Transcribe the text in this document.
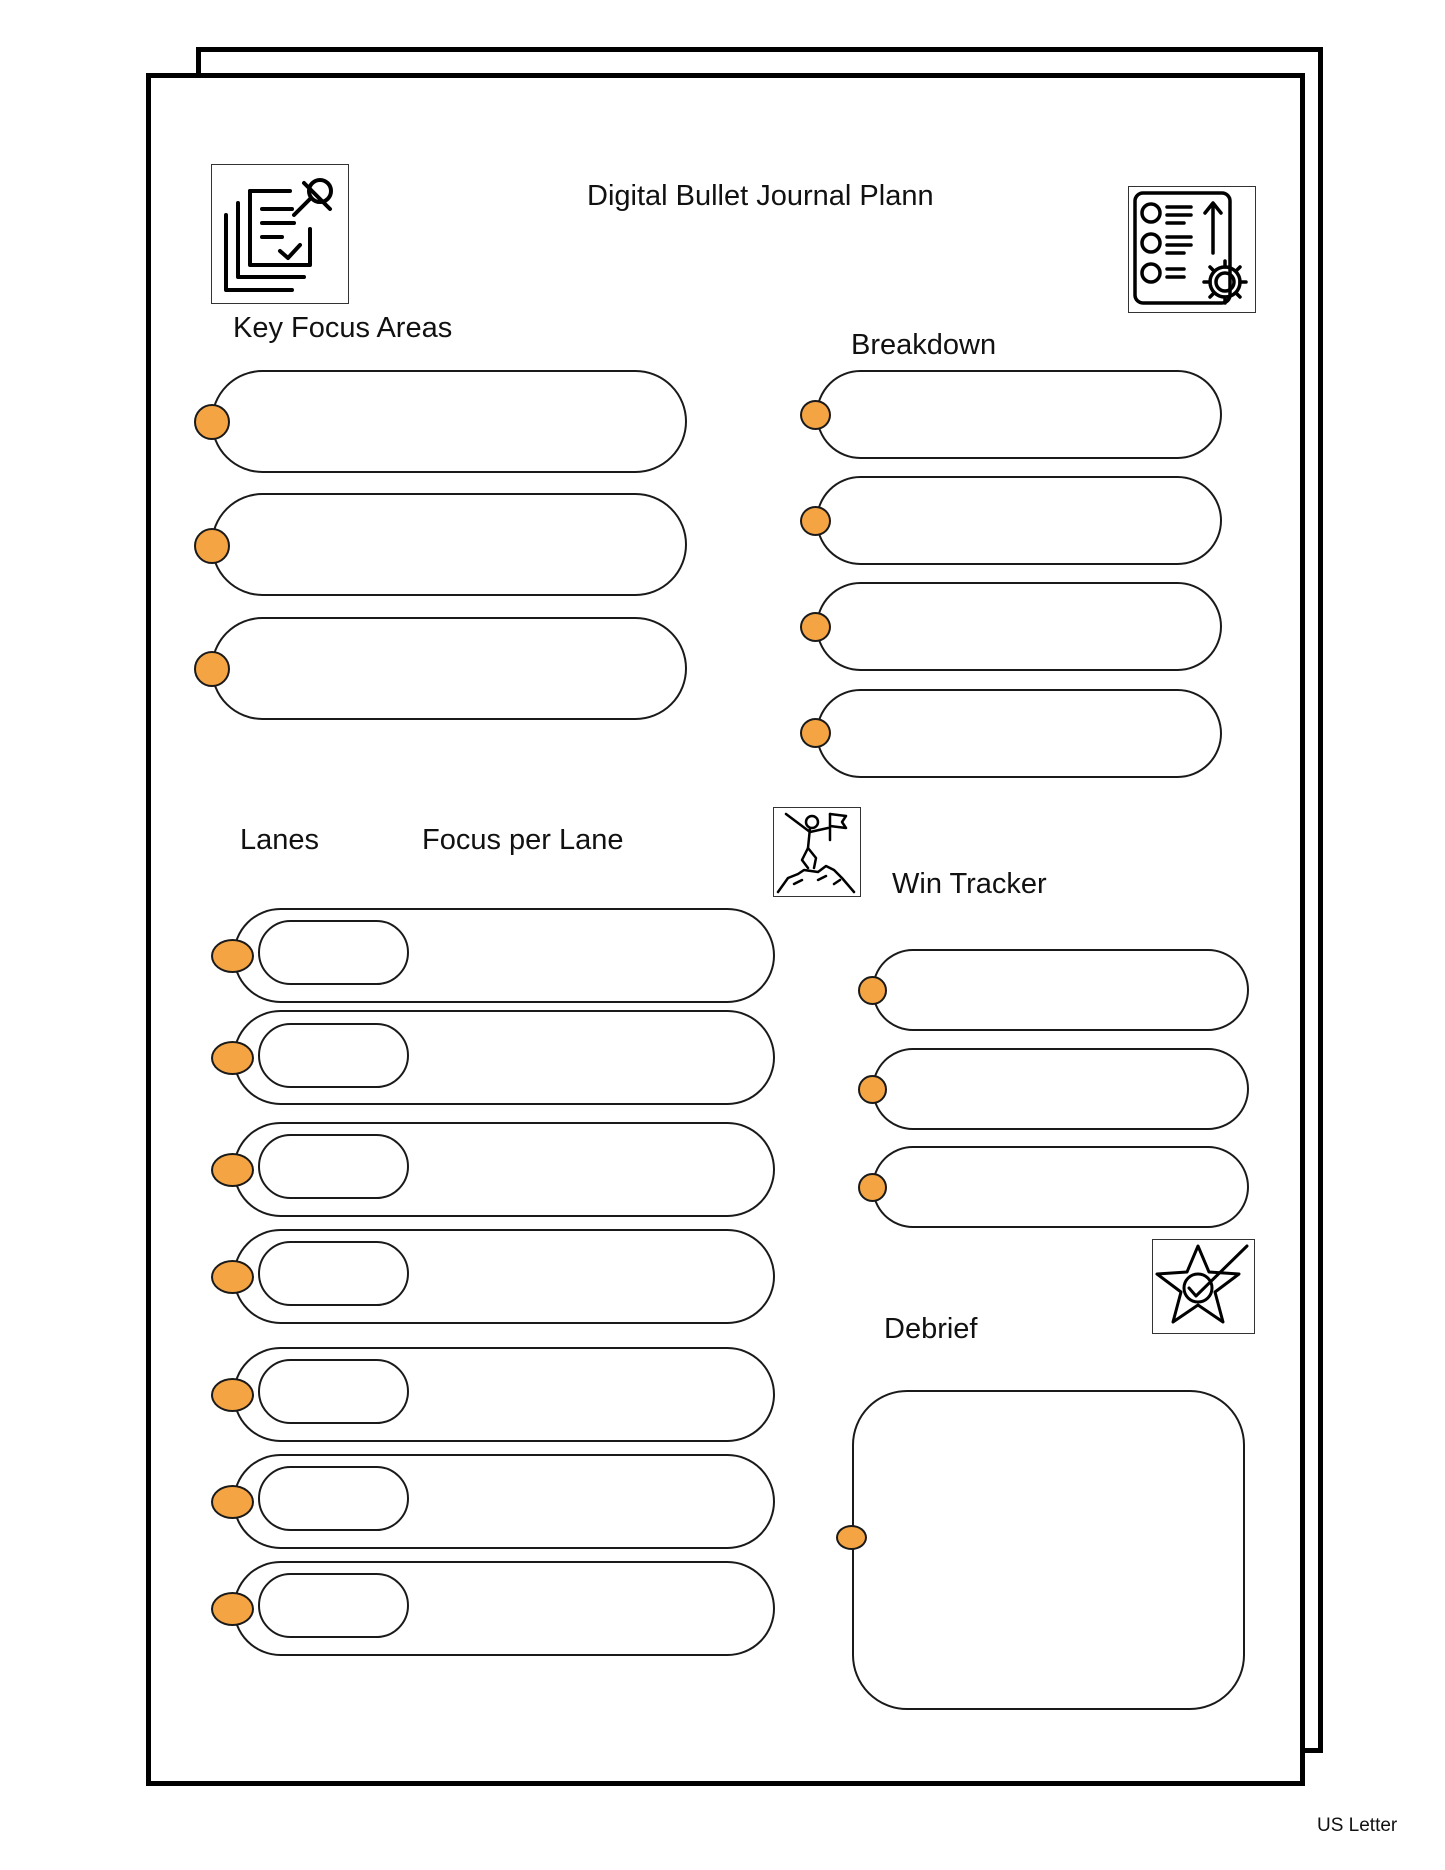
Digital Bullet Journal Plann
Key Focus Areas
Breakdown
Lanes	Focus per Lane
Win Tracker
Debrief
US Letter
